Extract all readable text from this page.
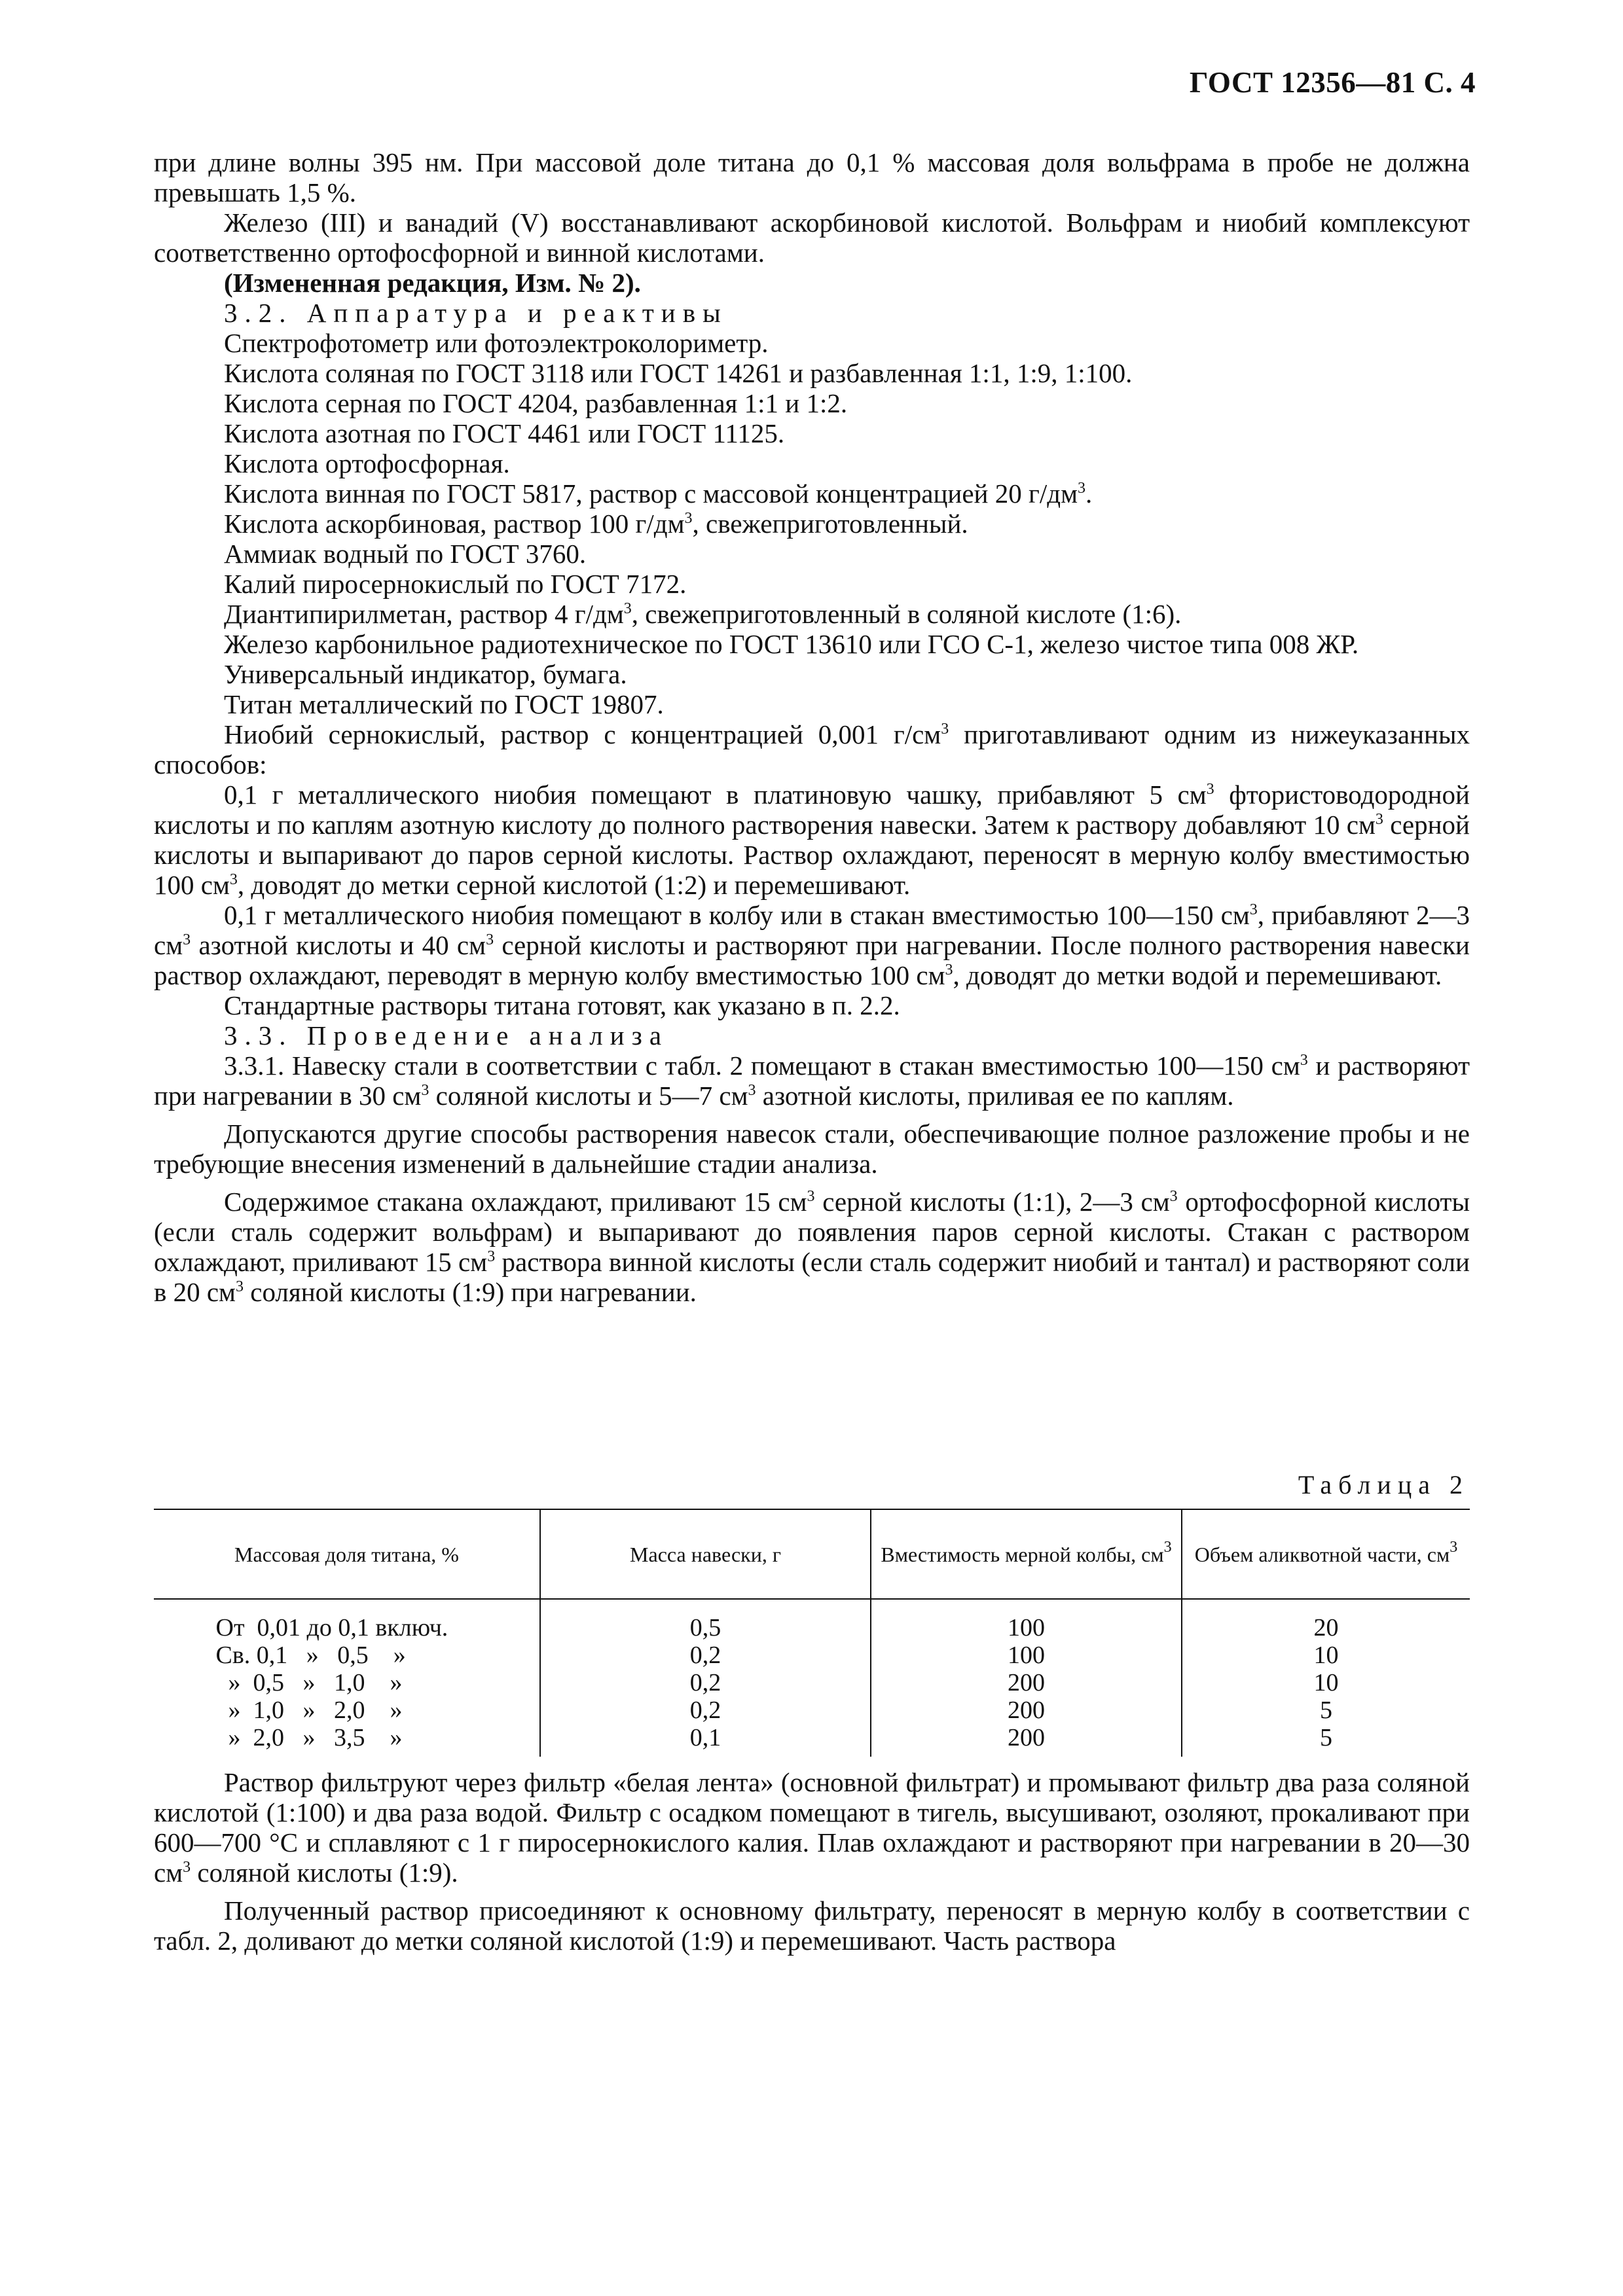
ГОСТ 12356—81 С. 4

при длине волны 395 нм. При массовой доле титана до 0,1 % массовая доля вольфрама в пробе не должна превышать 1,5 %.

Железо (III) и ванадий (V) восстанавливают аскорбиновой кислотой. Вольфрам и ниобий комплексуют соответственно ортофосфорной и винной кислотами.

(Измененная редакция, Изм. № 2).

3.2. Аппаратура и реактивы

Спектрофотометр или фотоэлектроколориметр.

Кислота соляная по ГОСТ 3118 или ГОСТ 14261 и разбавленная 1:1, 1:9, 1:100.

Кислота серная по ГОСТ 4204, разбавленная 1:1 и 1:2.

Кислота азотная по ГОСТ 4461 или ГОСТ 11125.

Кислота ортофосфорная.

Кислота винная по ГОСТ 5817, раствор с массовой концентрацией 20 $г/дм^3$.

Кислота аскорбиновая, раствор 100 $г/дм^3$, свежеприготовленный.

Аммиак водный по ГОСТ 3760.

Калий пиросернокислый по ГОСТ 7172.

Диантипирилметан, раствор 4 $г/дм^3$, свежеприготовленный в соляной кислоте (1:6).

Железо карбонильное радиотехническое по ГОСТ 13610 или ГСО С-1, железо чистое типа 008 ЖР.

Универсальный индикатор, бумага.

Титан металлический по ГОСТ 19807.

Ниобий сернокислый, раствор с концентрацией 0,001 $г/см^3$ приготавливают одним из нижеуказанных способов:

0,1 г металлического ниобия помещают в платиновую чашку, прибавляют 5 $см^3$ фтористоводородной кислоты и по каплям азотную кислоту до полного растворения навески. Затем к раствору добавляют 10 $см^3$ серной кислоты и выпаривают до паров серной кислоты. Раствор охлаждают, переносят в мерную колбу вместимостью 100 $см^3$, доводят до метки серной кислотой (1:2) и перемешивают.

0,1 г металлического ниобия помещают в колбу или в стакан вместимостью 100—150 $см^3$, прибавляют 2—3 $см^3$ азотной кислоты и 40 $см^3$ серной кислоты и растворяют при нагревании. После полного растворения навески раствор охлаждают, переводят в мерную колбу вместимостью 100 $см^3$, доводят до метки водой и перемешивают.

Стандартные растворы титана готовят, как указано в п. 2.2.

3.3. Проведение анализа

3.3.1. Навеску стали в соответствии с табл. 2 помещают в стакан вместимостью 100—150 $см^3$ и растворяют при нагревании в 30 $см^3$ соляной кислоты и 5—7 $см^3$ азотной кислоты, приливая ее по каплям.

Допускаются другие способы растворения навесок стали, обеспечивающие полное разложение пробы и не требующие внесения изменений в дальнейшие стадии анализа.

Содержимое стакана охлаждают, приливают 15 $см^3$ серной кислоты (1:1), 2—3 $см^3$ ортофосфорной кислоты (если сталь содержит вольфрам) и выпаривают до появления паров серной кислоты. Стакан с раствором охлаждают, приливают 15 $см^3$ раствора винной кислоты (если сталь содержит ниобий и тантал) и растворяют соли в 20 $см^3$ соляной кислоты (1:9) при нагревании.

Таблица 2
Массовая доля титана, %	Масса навески, г	Вместимость мерной колбы, $см^3$	Объем аликвотной части, $см^3$
От  0,01 до 0,1 включ.	0,5	100	20
Св. 0,1   »   0,5    »	0,2	100	10
»  0,5   »   1,0    »	0,2	200	10
»  1,0   »   2,0    »	0,2	200	5
»  2,0   »   3,5    »	0,1	200	5

Раствор фильтруют через фильтр «белая лента» (основной фильтрат) и промывают фильтр два раза соляной кислотой (1:100) и два раза водой. Фильтр с осадком помещают в тигель, высушивают, озоляют, прокаливают при 600—700 °С и сплавляют с 1 г пиросернокислого калия. Плав охлаждают и растворяют при нагревании в 20—30 $см^3$ соляной кислоты (1:9).

Полученный раствор присоединяют к основному фильтрату, переносят в мерную колбу в соответствии с табл. 2, доливают до метки соляной кислотой (1:9) и перемешивают. Часть раствора
